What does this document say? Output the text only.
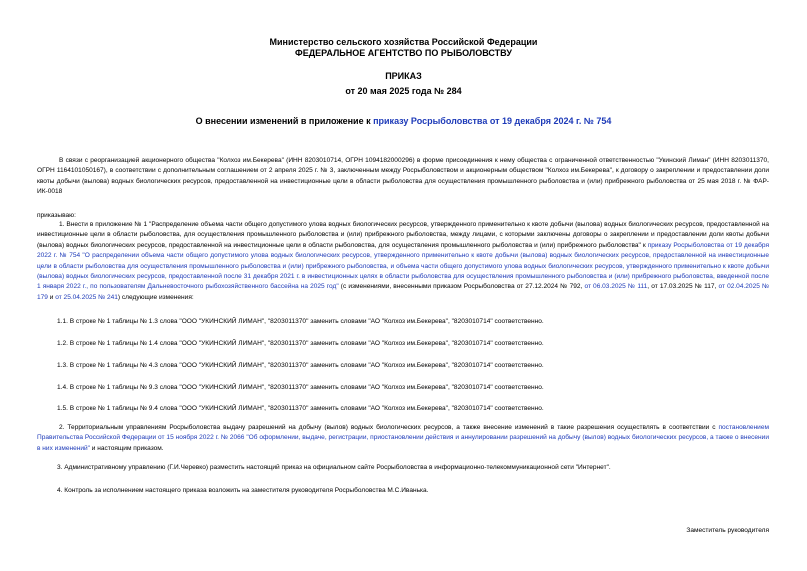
Министерство сельского хозяйства Российской Федерации
ФЕДЕРАЛЬНОЕ АГЕНТСТВО ПО РЫБОЛОВСТВУ
ПРИКАЗ
от 20 мая 2025 года № 284
О внесении изменений в приложение к приказу Росрыболовства от 19 декабря 2024 г. № 754
В связи с реорганизацией акционерного общества "Колхоз им.Бекерева" (ИНН 8203010714, ОГРН 1094182000296) в форме присоединения к нему общества с ограниченной ответственностью "Укинский Лиман" (ИНН 8203011370, ОГРН 1164101050167), в соответствии с дополнительным соглашением от 2 апреля 2025 г. № 3, заключенным между Росрыболовством и акционерным обществом "Колхоз им.Бекерева", к договору о закреплении и предоставлении доли квоты добычи (вылова) водных биологических ресурсов, предоставленной на инвестиционные цели в области рыболовства для осуществления промышленного рыболовства и (или) прибрежного рыболовства от 25 мая 2018 г. № ФАР-ИК-0018
приказываю:
1. Внести в приложение № 1 "Распределение объема части общего допустимого улова водных биологических ресурсов, утвержденного применительно к квоте добычи (вылова) водных биологических ресурсов, предоставленной на инвестиционные цели в области рыболовства, для осуществления промышленного рыболовства и (или) прибрежного рыболовства, между лицами, с которыми заключены договоры о закреплении и предоставлении доли квоты добычи (вылова) водных биологических ресурсов, предоставленной на инвестиционные цели в области рыболовства, для осуществления промышленного рыболовства и (или) прибрежного рыболовства" к приказу Росрыболовства от 19 декабря 2022 г. № 754 "О распределении объема части общего допустимого улова водных биологических ресурсов, утвержденного применительно к квоте добычи (вылова) водных биологических ресурсов, предоставленной на инвестиционные цели в области рыболовства для осуществления промышленного рыболовства и (или) прибрежного рыболовства, и объема части общего допустимого улова водных биологических ресурсов, утвержденного применительно к квоте добычи (вылова) водных биологических ресурсов, предоставленной после 31 декабря 2021 г. в инвестиционных целях в области рыболовства для осуществления промышленного рыболовства и (или) прибрежного рыболовства, введенной после 1 января 2022 г., по пользователям Дальневосточного рыбохозяйственного бассейна на 2025 год" (с изменениями, внесенными приказом Росрыболовства от 27.12.2024 № 792, от 06.03.2025 № 111, от 17.03.2025 № 117, от 02.04.2025 № 179 и от 25.04.2025 № 241) следующие изменения:
1.1. В строке № 1 таблицы № 1.3 слова "ООО "УКИНСКИЙ ЛИМАН", "8203011370" заменить словами "АО "Колхоз им.Бекерева", "8203010714" соответственно.
1.2. В строке № 1 таблицы № 1.4 слова "ООО "УКИНСКИЙ ЛИМАН", "8203011370" заменить словами "АО "Колхоз им.Бекерева", "8203010714" соответственно.
1.3. В строке № 1 таблицы № 4.3 слова "ООО "УКИНСКИЙ ЛИМАН", "8203011370" заменить словами "АО "Колхоз им.Бекерева", "8203010714" соответственно.
1.4. В строке № 1 таблицы № 9.3 слова "ООО "УКИНСКИЙ ЛИМАН", "8203011370" заменить словами "АО "Колхоз им.Бекерева", "8203010714" соответственно.
1.5. В строке № 1 таблицы № 9.4 слова "ООО "УКИНСКИЙ ЛИМАН", "8203011370" заменить словами "АО "Колхоз им.Бекерева", "8203010714" соответственно.
2. Территориальным управлениям Росрыболовства выдачу разрешений на добычу (вылов) водных биологических ресурсов, а также внесение изменений в такие разрешения осуществлять в соответствии с постановлением Правительства Российской Федерации от 15 ноября 2022 г. № 2066 "Об оформлении, выдаче, регистрации, приостановлении действия и аннулировании разрешений на добычу (вылов) водных биологических ресурсов, а также о внесении в них изменений" и настоящим приказом.
3. Административному управлению (Г.И.Черевко) разместить настоящий приказ на официальном сайте Росрыболовства в информационно-телекоммуникационной сети "Интернет".
4. Контроль за исполнением настоящего приказа возложить на заместителя руководителя Росрыболовства М.С.Иванька.
Заместитель руководителя
